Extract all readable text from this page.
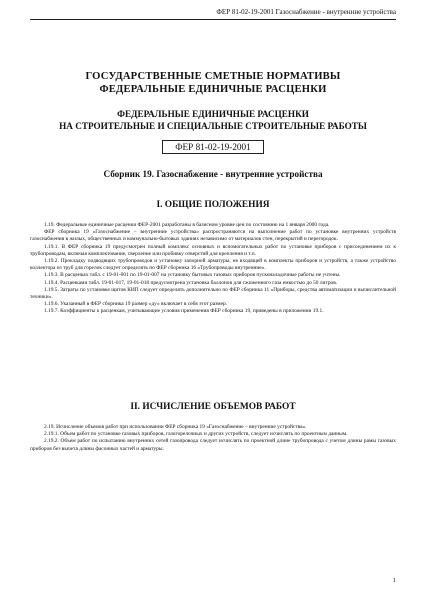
ФЕР 81-02-19-2001 Газоснабжение - внутренние устройства
ГОСУДАРСТВЕННЫЕ СМЕТНЫЕ НОРМАТИВЫ
ФЕДЕРАЛЬНЫЕ ЕДИНИЧНЫЕ РАСЦЕНКИ
ФЕДЕРАЛЬНЫЕ ЕДИНИЧНЫЕ РАСЦЕНКИ
НА СТРОИТЕЛЬНЫЕ И СПЕЦИАЛЬНЫЕ СТРОИТЕЛЬНЫЕ РАБОТЫ
ФЕР 81-02-19-2001
Сборник 19. Газоснабжение - внутренние устройства
I. ОБЩИЕ ПОЛОЖЕНИЯ

1.19. Федеральные единичные расценки ФЕР-2001 разработаны в базисном уровне цен по состоянию на 1 января 2000 года.

ФЕР сборника 19 «Газоснабжение – внутренние устройства» распространяются на выполнение работ по установке внутренних устройств газоснабжения в жилых, общественных и коммунально-бытовых зданиях независимо от материалов стен, перекрытий и перегородок.

1.19.1. В ФЕР сборника 19 предусмотрен полный комплекс основных и вспомогательных работ по установке приборов с присоединением их к трубопроводам, включая комплектование, сверление или пробивку отверстий для крепления и т.п.

1.19.2. Прокладку подводящих трубопроводов и установку запорной арматуры, не входящей в комплекты приборов и устройств, а также устройство коллектора из труб для горелок следует определять по ФЕР сборника 16 «Трубопроводы внутренние».

1.19.3. В расценках табл. с 19-01-001 по 19-01-007 на установку бытовых газовых приборов пусконаладочные работы не учтены.

1.19.4. Расценками табл. 19-01-017, 19-01-018 предусмотрена установка баллонов для сжиженного газа емкостью до 50 литров.

1.19.5. Затраты по установке щитов КИП следует определять дополнительно по ФЕР сборника 11 «Приборы, средства автоматизации и вычислительной техники».

1.19.6. Указанный в ФЕР сборника 19 размер «ду» включает в себя этот размер.

1.19.7. Коэффициенты к расценкам, учитывающие условия применения ФЕР сборника 19, приведены в приложении 19.1.

II. ИСЧИСЛЕНИЕ ОБЪЕМОВ РАБОТ

2.19. Исчисление объемов работ при использовании ФЕР сборника 19 «Газоснабжение – внутренние устройства».

2.19.1. Объем работ по установке газовых приборов, газогорелочных и других устройств, следует исчислять по проектным данным.

2.19.2. Объем работ по испытанию внутренних сетей газопровода следует исчислять по проектной длине трубопровода с учетом длины рамы газовых приборов без вычета длины фасонных частей и арматуры.

1
